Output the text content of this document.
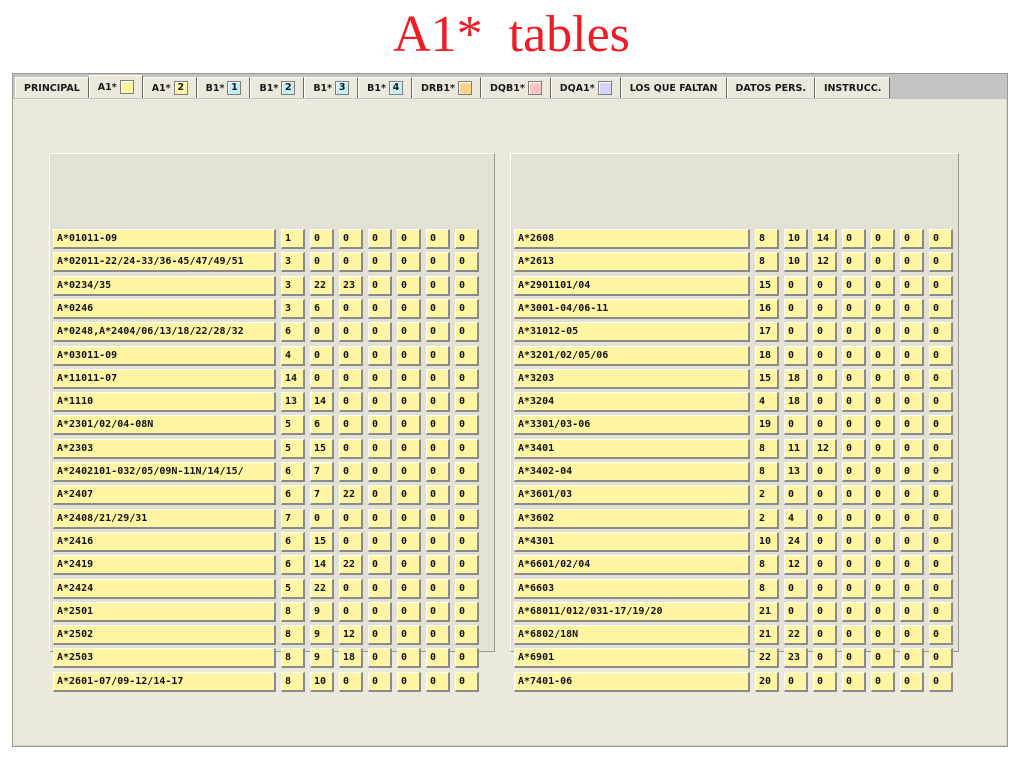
A1*  tables
PRINCIPAL A1*	A1* 2	B1* 1	B1* 2	B1* 3	B1* 4	DRB1*	DQB1*	DQA1*	LOS QUE FALTAN DATOS PERS. INSTRUCC.
A*01011-09	1	0	0	0	0	0	0
A*02011-22/24-33/36-45/47/49/51	3	0	0	0	0	0	0
A*0234/35	3	22	23	0	0	0	0
A*0246	3	6	0	0	0	0	0
A*0248,A*2404/06/13/18/22/28/32	6	0	0	0	0	0	0
A*03011-09	4	0	0	0	0	0	0
A*11011-07	14	0	0	0	0	0	0
A*1110	13	14	0	0	0	0	0
A*2301/02/04-08N	5	6	0	0	0	0	0
A*2303	5	15	0	0	0	0	0
A*2402101-032/05/09N-11N/14/15/	6	7	0	0	0	0	0
A*2407	6	7	22	0	0	0	0
A*2408/21/29/31	7	0	0	0	0	0	0
A*2416	6	15	0	0	0	0	0
A*2419	6	14	22	0	0	0	0
A*2424	5	22	0	0	0	0	0
A*2501	8	9	0	0	0	0	0
A*2502	8	9	12	0	0	0	0
A*2503	8	9	18	0	0	0	0
A*2601-07/09-12/14-17	8	10	0	0	0	0	0
A*2608	8	10	14	0	0	0	0
A*2613	8	10	12	0	0	0	0
A*2901101/04	15	0	0	0	0	0	0
A*3001-04/06-11	16	0	0	0	0	0	0
A*31012-05	17	0	0	0	0	0	0
A*3201/02/05/06	18	0	0	0	0	0	0
A*3203	15	18	0	0	0	0	0
A*3204	4	18	0	0	0	0	0
A*3301/03-06	19	0	0	0	0	0	0
A*3401	8	11	12	0	0	0	0
A*3402-04	8	13	0	0	0	0	0
A*3601/03	2	0	0	0	0	0	0
A*3602	2	4	0	0	0	0	0
A*4301	10	24	0	0	0	0	0
A*6601/02/04	8	12	0	0	0	0	0
A*6603	8	0	0	0	0	0	0
A*68011/012/031-17/19/20	21	0	0	0	0	0	0
A*6802/18N	21	22	0	0	0	0	0
A*6901	22	23	0	0	0	0	0
A*7401-06	20	0	0	0	0	0	0
